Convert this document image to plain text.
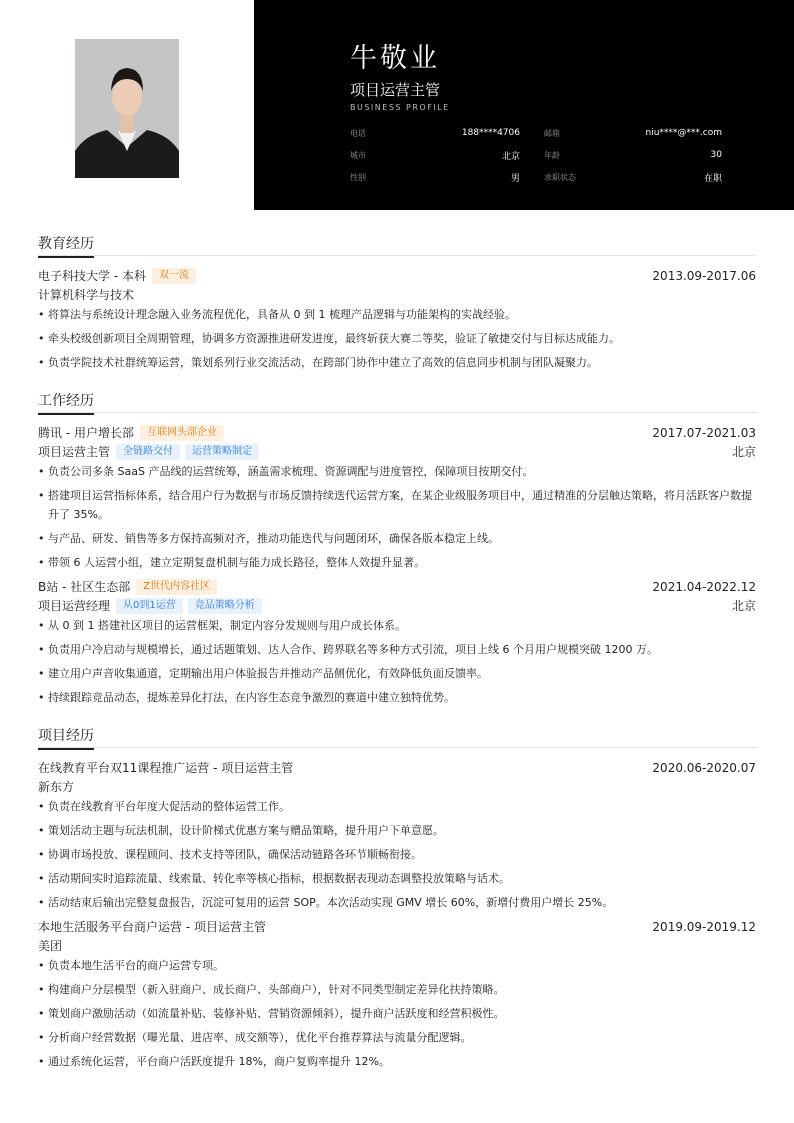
牛敬业
项目运营主管
BUSINESS PROFILE
电话	188****4706	邮箱	niu****@***.com
城市	北京	年龄	30
性别	男	求职状态	在职
教育经历
电子科技大学 - 本科	双一流	2013.09-2017.06
计算机科学与技术
• 将算法与系统设计理念融入业务流程优化，具备从 0 到 1 梳理产品逻辑与功能架构的实战经验。
• 牵头校级创新项目全周期管理，协调多方资源推进研发进度，最终斩获大赛二等奖，验证了敏捷交付与目标达成能力。
• 负责学院技术社群统筹运营，策划系列行业交流活动，在跨部门协作中建立了高效的信息同步机制与团队凝聚力。
工作经历
腾讯 - 用户增长部	互联网头部企业	2017.07-2021.03
项目运营主管	全链路交付	运营策略制定	北京
• 负责公司多条 SaaS 产品线的运营统筹，涵盖需求梳理、资源调配与进度管控，保障项目按期交付。
• 搭建项目运营指标体系，结合用户行为数据与市场反馈持续迭代运营方案，在某企业级服务项目中，通过精准的分层触达策略，将月活跃客户数提升了 35%。
• 与产品、研发、销售等多方保持高频对齐，推动功能迭代与问题闭环，确保各版本稳定上线。
• 带领 6 人运营小组，建立定期复盘机制与能力成长路径，整体人效提升显著。
B站 - 社区生态部	Z世代内容社区	2021.04-2022.12
项目运营经理	从0到1运营	竞品策略分析	北京
• 从 0 到 1 搭建社区项目的运营框架，制定内容分发规则与用户成长体系。
• 负责用户冷启动与规模增长，通过话题策划、达人合作、跨界联名等多种方式引流，项目上线 6 个月用户规模突破 1200 万。
• 建立用户声音收集通道，定期输出用户体验报告并推动产品侧优化，有效降低负面反馈率。
• 持续跟踪竞品动态，提炼差异化打法，在内容生态竞争激烈的赛道中建立独特优势。
项目经历
在线教育平台双11课程推广运营 - 项目运营主管	2020.06-2020.07
新东方
• 负责在线教育平台年度大促活动的整体运营工作。
• 策划活动主题与玩法机制，设计阶梯式优惠方案与赠品策略，提升用户下单意愿。
• 协调市场投放、课程顾问、技术支持等团队，确保活动链路各环节顺畅衔接。
• 活动期间实时追踪流量、线索量、转化率等核心指标，根据数据表现动态调整投放策略与话术。
• 活动结束后输出完整复盘报告，沉淀可复用的运营 SOP。本次活动实现 GMV 增长 60%，新增付费用户增长 25%。
本地生活服务平台商户运营 - 项目运营主管	2019.09-2019.12
美团
• 负责本地生活平台的商户运营专项。
• 构建商户分层模型（新入驻商户、成长商户、头部商户），针对不同类型制定差异化扶持策略。
• 策划商户激励活动（如流量补贴、装修补贴、营销资源倾斜），提升商户活跃度和经营积极性。
• 分析商户经营数据（曝光量、进店率、成交额等），优化平台推荐算法与流量分配逻辑。
• 通过系统化运营，平台商户活跃度提升 18%，商户复购率提升 12%。
